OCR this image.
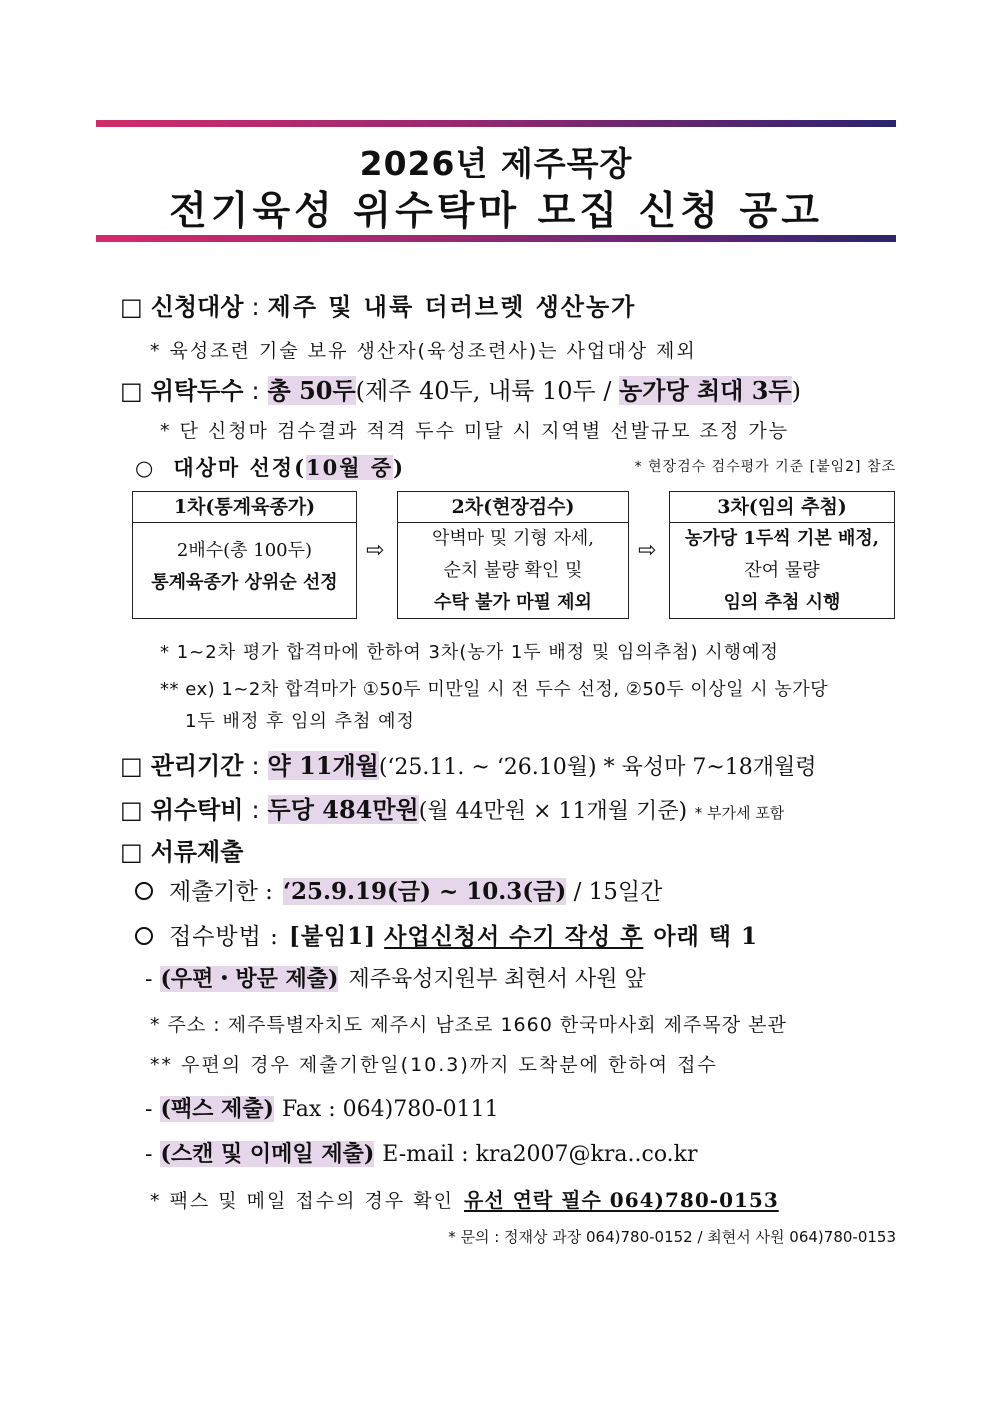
2026년 제주목장
전기육성 위수탁마 모집 신청 공고
□ 신청대상 : 제주 및 내륙 더러브렛 생산농가
* 육성조련 기술 보유 생산자(육성조련사)는 사업대상 제외
□ 위탁두수 : 총 50두(제주 40두, 내륙 10두 / 농가당 최대 3두)
* 단 신청마 검수결과 적격 두수 미달 시 지역별 선발규모 조정 가능
○ 대상마 선정(10월 중)	* 현장검수 검수평가 기준 [붙임2] 참조
1차(통계육종가)
2배수(총 100두)
통계육종가 상위순 선정
⇨
2차(현장검수)
악벽마 및 기형 자세,
순치 불량 확인 및
수탁 불가 마필 제외
⇨
3차(임의 추첨)
농가당 1두씩 기본 배정,
잔여 물량
임의 추첨 시행
* 1~2차 평가 합격마에 한하여 3차(농가 1두 배정 및 임의추첨) 시행예정
** ex) 1~2차 합격마가 ①50두 미만일 시 전 두수 선정, ②50두 이상일 시 농가당
1두 배정 후 임의 추첨 예정
□ 관리기간 : 약 11개월(‘25.11. ~ ‘26.10월) * 육성마 7~18개월령
□ 위수탁비 : 두당 484만원(월 44만원 × 11개월 기준) * 부가세 포함
□ 서류제출
제출기한 : ‘25.9.19(금) ~ 10.3(금) / 15일간
접수방법 : [붙임1] 사업신청서 수기 작성 후 아래 택 1
- (우편・방문 제출) 제주육성지원부 최현서 사원 앞
* 주소 : 제주특별자치도 제주시 남조로 1660 한국마사회 제주목장 본관
** 우편의 경우 제출기한일(10.3)까지 도착분에 한하여 접수
- (팩스 제출) Fax : 064)780-0111
- (스캔 및 이메일 제출) E-mail : kra2007@kra..co.kr
* 팩스 및 메일 접수의 경우 확인 유선 연락 필수 064)780-0153
* 문의 : 정재상 과장 064)780-0152 / 최현서 사원 064)780-0153
